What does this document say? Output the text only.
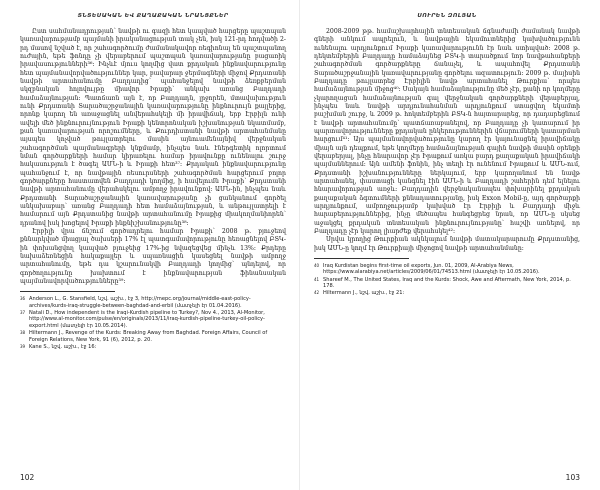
ՏՆՏԵՍԱԿԱՆ ԵՎ ՔԱՂԱՔԱԿԱՆ ՆՐԱՆՑՔՆԵՐ

Ըստ սահմանադրության՝ նավթի ու գազի հետ կապված հարցերը պաշտպան կառավարությամբ պայմանի իրականացության տակ չեն, իսկ 121-րդ հոդվածի 2-րդ մասով նշված է, որ շահագործումը ժամանակավոր ռեգիոնալ են պաշտպանող ուժային, եթե ֆոնդը չի վերաբերում պաշտպան կառավարությանը բացառիկ իրավասությունների³⁶: Ինչևէ մյուս կողմից վատ քրդական ինքնավարությունը հետ պայմանավորվածություններ կար, բավարար ջերմագների միջով Քրդստանի նավթի արտահանումը Բաղդադից՝ պահանջելով նավթի ձեռքբերման սկզբնական հոլովույթը միավոր Իրաքի՝ անկախ առանց Բաղդադի համաձայնության: Պատճառն այն է, որ Բաղդադն, լրջորեն, մտավախություն ունի Քրդստանի Տարածաշրջանային կառավարությունը ինքնուրույն քայլերից, որոնք կարող են առաջացնել անվերահսկելի մի իրավիճակ, երբ Էրբիլն ունի ավելի մեծ ինքնուրույնություն Իրաքի կենտրոնական իշխանության նկատմամբ, քան կառավարության որոշումները, և Քուրդիստանի նավթի արտահանմանը այսպես կոչված թույլատրելու մասին այնուամենայնիվ վերջնական շահագործման պայմանագրերի կնքմամբ, ինչպես նաև էներգետիկ ոլորտում նման գործարքների համար կիրառելու համար իրավունքը ունենալու շուրջ հակասություն է ծագել ԱՄՆ-ի և Իրաքի հետ³⁷: Քրդական ինքնավարությունը պահանջում է, որ նավթային ռեսուրսների շահագործման հարցերում բոլոր գործարքները հաստատվեն Բաղդադի կողմից, ի հավելումն Իրաքի՝ Քրդստանի նավթի արտահանումը վերահսկելու ամբողջ իրավունքով: ԱՄՆ-ին, ինչպես նաև Քրդստանի Տարածաշրջանային կառավարությանը չի ցանկանում գործել անկախաբար՝ առանց Բաղդադի հետ համաձայնության, և անթույլատրելի է համարում այն Քրդստանից նավթի արտահանումը Իրաքից միակողմանիորեն՝ դրանով իսկ խոցելով Իրաքի ինքնիշխանությունը³⁸:

Էրբիլի վրա ճնշում գործադրելու համար Իրաքի՝ 2008 թ. բյուջեով քննարկված միացյալ ծախսերի 17% էլ պատգամավորությունը հեռացնելով ԲՏԿ-ին փոխանցվող կապված բյուջեից 17%-ից նվազեցվեց մինչև 13%: Քրդերը նախաձեռնեցին հակաքայլեր և սպառնացին կասեցնել նավթի ամբողջ արտահանումը, եթե դա կշարունակվի Բաղդադի կողմից՝ պնդելով, որ գործողությունը խախտում է ինքնավարության ֆինանսական պայմանավորվածությունները³⁹:

36 Anderson L., G. Stansfield, նշվ. աշխ., էջ 3, http://mepc.org/journal/middle-east-policy-archives/kurds-iraq-struggle-between-baghdad-and-erbil (մատչելի էր 01.04.2016).
37 Natali D., How independent is the Iraqi-Kurdish pipeline to Turkey?, Nov 4., 2013, Al-Monitor, http://www.al-monitor.com/pulse/en/originals/2013/11/iraq-kurdish-pipeline-turkey-oil-policy-export.html (մատչելի էր 10.05.2014).
38 Hiltermann J., Revenge of the Kurds: Breaking Away from Baghdad. Foreign Affairs, Council of Foreign Relations, New York, 91 (6), 2012, p. 20.
39 Kane S., նշվ. աշխ., էջ 16:
102
ՍՈՒՐԵՆ ԶՈԼՅԱՆ

2008-2009 թթ. համաշխարհային տնտեսական ճգնաժամի ժամանակ նավթի գների անկում ապրելուն, և նավթային եկամուտներից կախվածությունն ունենալու արդյունքում Իրաքի կառավարությունն էր նաև ստիպված: 2008 թ. դեկտեմբերին Բաղդադը համաձայնեց ԲՏԿ-ի տարածքում նոր նավթահանքերի շահագործման գործարքները ճանաչել, և ապահովել Քրդստանի Տարածաշրջանային կառավարությանը գործելու ազատություն: 2009 թ. մայիսին Բաղդադը թույլատրեց Էրբիլին նավթ արտահանել Թուրքիա՝ որպես համաձայնության միջոց⁴⁰: Սակայն համաձայնությունը մեծ չէր, քանի որ կողմերը չկարողացան համաձայնության գալ վերջնական գործարքների վերաբերյալ, ինչպես նաև նավթի արդյունահանման արդյունքում ստացվող եկամտի բաշխման շուրջ, և 2009 թ. հոկտեմբերին ԲՏԿ-ն հայտարարեց, որ դադարեցնում է նավթի արտահանումը՝ պատճառաբանելով, որ Բաղդադը չի կատարում իր պարտավորությունները քրդական ընկերություններին վճարումների կատարման հարցում⁴¹: Այս պայմանավորվածությունը կարող էր կայունացնել իրավիճակը միայն այն դեպքում, եթե կողմերը համաձայնության գային նավթի մասին օրենքի վերաբերյալ, ինչը հնարավոր չէր Իրաքում առկա բարդ քաղաքական իրավիճակի պայմաններում: Այն ամենի ֆոնին, ինչ տեղի էր ունենում Իրաքում և ԱՄՆ-ում, Քրդստանի իշխանությունները ներկայում, երբ կարողանում են նավթ արտահանել, փաստացի կանգնել էին ԱՄՆ-ի և Բաղդադի շահերին դեմ ելնելու հնարավորության առջև: Բաղդադին վերջնականապես փոխարինել քրդական քաղաքական ձգտումների քննադատությանը, իսկ Exxon Mobil-ը, այդ գործարքի արդյունքում, ամբողջությամբ կախված էր Էրբիլի և Բաղդադի միջև հարաբերություններից, ինչը մեծապես հանգեցրեց նրան, որ ԱՄՆ-ը սկսեց աջակցել քրդական տնտեսական ինքնուրույնությանը՝ հաշվի առնելով, որ Բաղդադը չէր կարող լիարժեք վերահսկել⁴²:

Սրվա կրողից Թուրքիան ակնկալում նավթի մատակարարումը Քրդստանից, իսկ ԱՄՆ-ը կողմ էր Թուրքիայի միջոցով նավթի արտահանմանը:

40 Iraq Kurdistan begins first-time oil exports, Jun. 01, 2009, Al-Arabiya News, https://www.alarabiya.net/articles/2009/06/01/74513.html (մատչելի էր 10.05.2016).
41 Shareef M., The United States, Iraq and the Kurds: Shock, Awe and Aftermath, New York, 2014, p. 178.
42 Hiltermann J., նշվ. աշխ., էջ 21:
103
